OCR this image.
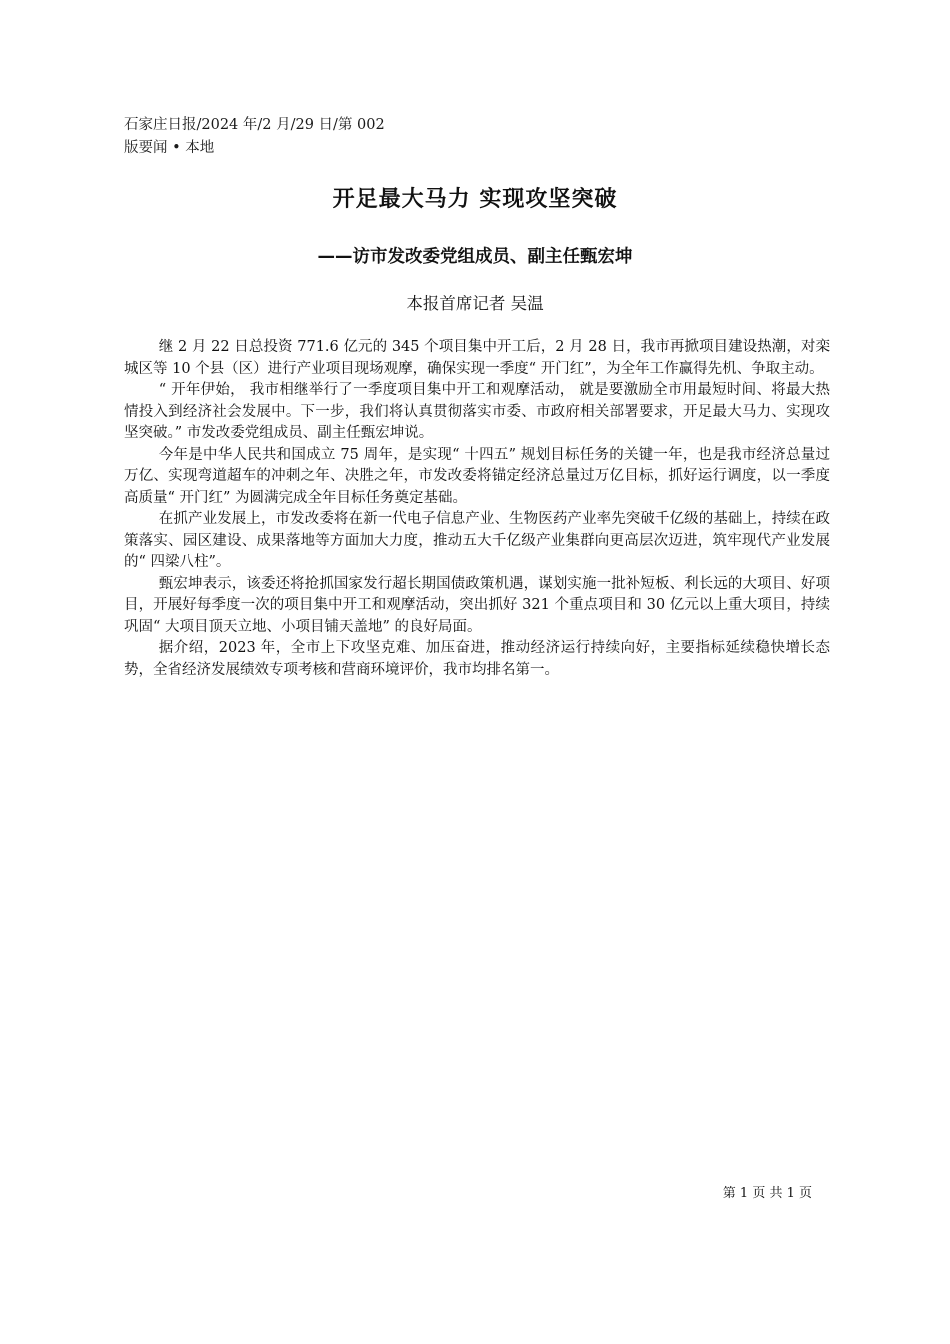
石家庄日报/2024 年/2 月/29 日/第 002
版要闻 • 本地
开足最大马力 实现攻坚突破
——访市发改委党组成员、副主任甄宏坤
本报首席记者 吴温

继 2 月 22 日总投资 771.6 亿元的 345 个项目集中开工后，2 月 28 日，我市再掀项目建设热潮，对栾城区等 10 个县（区）进行产业项目现场观摩，确保实现一季度“ 开门红”，为全年工作赢得先机、争取主动。

“ 开年伊始， 我市相继举行了一季度项目集中开工和观摩活动， 就是要激励全市用最短时间、将最大热情投入到经济社会发展中。下一步，我们将认真贯彻落实市委、市政府相关部署要求，开足最大马力、实现攻坚突破。” 市发改委党组成员、副主任甄宏坤说。

今年是中华人民共和国成立 75 周年，是实现“ 十四五” 规划目标任务的关键一年，也是我市经济总量过万亿、实现弯道超车的冲刺之年、决胜之年，市发改委将锚定经济总量过万亿目标，抓好运行调度，以一季度高质量“ 开门红” 为圆满完成全年目标任务奠定基础。

在抓产业发展上，市发改委将在新一代电子信息产业、生物医药产业率先突破千亿级的基础上，持续在政策落实、园区建设、成果落地等方面加大力度，推动五大千亿级产业集群向更高层次迈进，筑牢现代产业发展的“ 四梁八柱”。

甄宏坤表示，该委还将抢抓国家发行超长期国债政策机遇，谋划实施一批补短板、利长远的大项目、好项目，开展好每季度一次的项目集中开工和观摩活动，突出抓好 321 个重点项目和 30 亿元以上重大项目，持续巩固“ 大项目顶天立地、小项目铺天盖地” 的良好局面。

据介绍，2023 年，全市上下攻坚克难、加压奋进，推动经济运行持续向好，主要指标延续稳快增长态势，全省经济发展绩效专项考核和营商环境评价，我市均排名第一。

第 1 页 共 1 页
